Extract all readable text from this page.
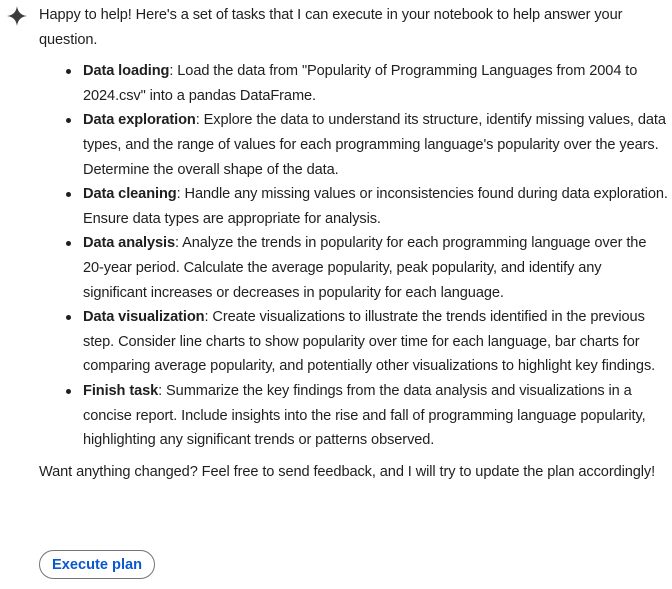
Happy to help! Here's a set of tasks that I can execute in your notebook to help answer your question.

Data loading: Load the data from "Popularity of Programming Languages from 2004 to 2024.csv" into a pandas DataFrame.
Data exploration: Explore the data to understand its structure, identify missing values, data types, and the range of values for each programming language's popularity over the years. Determine the overall shape of the data.
Data cleaning: Handle any missing values or inconsistencies found during data exploration. Ensure data types are appropriate for analysis.
Data analysis: Analyze the trends in popularity for each programming language over the 20-year period. Calculate the average popularity, peak popularity, and identify any significant increases or decreases in popularity for each language.
Data visualization: Create visualizations to illustrate the trends identified in the previous step. Consider line charts to show popularity over time for each language, bar charts for comparing average popularity, and potentially other visualizations to highlight key findings.
Finish task: Summarize the key findings from the data analysis and visualizations in a concise report. Include insights into the rise and fall of programming language popularity, highlighting any significant trends or patterns observed.

Want anything changed? Feel free to send feedback, and I will try to update the plan accordingly!

Execute plan
